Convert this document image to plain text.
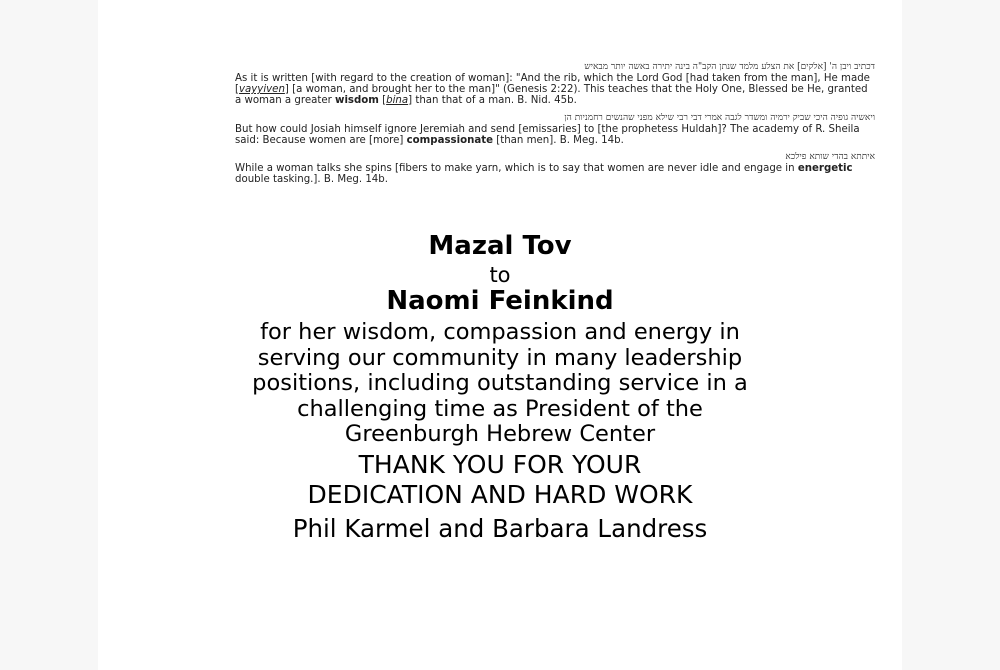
דכתיב ויבן ה' [אלקים] את הצלע מלמד שנתן הקב"ה בינה יתירה באשה יותר מבאיש
As it is written [with regard to the creation of woman]: "And the rib, which the Lord God [had taken from the man], He made [vayyiven] [a woman, and brought her to the man]" (Genesis 2:22). This teaches that the Holy One, Blessed be He, granted a woman a greater wisdom [bina] than that of a man. B. Nid. 45b.
ויאשיה גופיה היכי שביק ירמיה ומשדר לגבה אמרי דבי רבי שילא מפני שהנשים רחמניות הן
But how could Josiah himself ignore Jeremiah and send [emissaries] to [the prophetess Huldah]? The academy of R. Sheila said: Because women are [more] compassionate [than men]. B. Meg. 14b.
איתתא בהדי שותא פילכא
While a woman talks she spins [fibers to make yarn, which is to say that women are never idle and engage in energetic double tasking.]. B. Meg. 14b.
Mazal Tov
to
Naomi Feinkind
for her wisdom, compassion and energy in
serving our community in many leadership
positions, including outstanding service in a
challenging time as President of the
Greenburgh Hebrew Center
THANK YOU FOR YOUR
DEDICATION AND HARD WORK
Phil Karmel and Barbara Landress
